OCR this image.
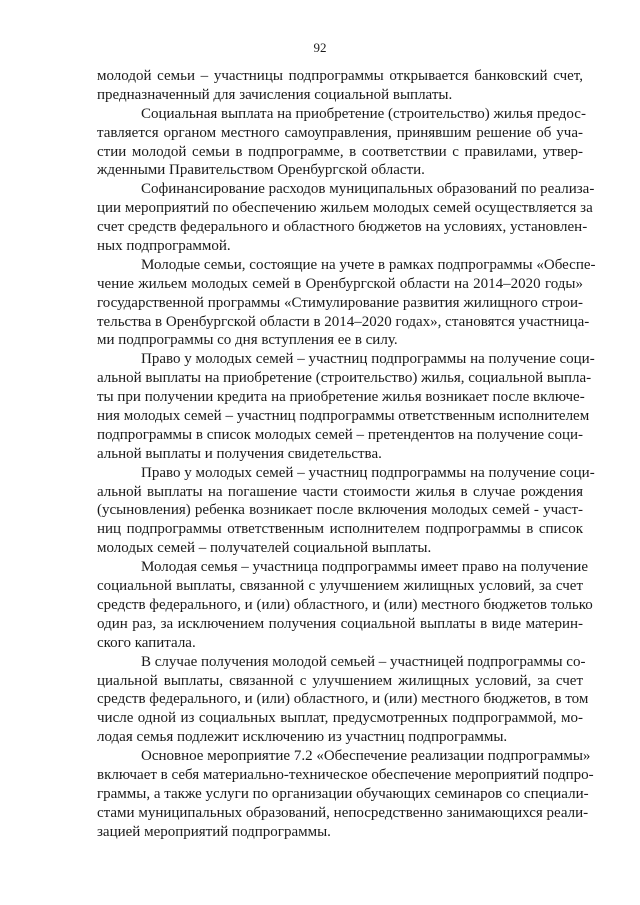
92
молодой семьи – участницы подпрограммы открывается банковский счет,
предназначенный для зачисления социальной выплаты.
Социальная выплата на приобретение (строительство) жилья предос-
тавляется органом местного самоуправления, принявшим решение об уча-
стии молодой семьи в подпрограмме, в соответствии с правилами, утвер-
жденными Правительством Оренбургской области.
Софинансирование расходов муниципальных образований по реализа-
ции мероприятий по обеспечению жильем молодых семей осуществляется за
счет средств федерального и областного бюджетов на условиях, установлен-
ных подпрограммой.
Молодые семьи, состоящие на учете в рамках подпрограммы «Обеспе-
чение жильем молодых семей в Оренбургской области на 2014–2020 годы»
государственной программы «Стимулирование развития жилищного строи-
тельства в Оренбургской области в 2014–2020 годах», становятся участница-
ми подпрограммы со дня вступления ее в силу.
Право у молодых семей – участниц подпрограммы на получение соци-
альной выплаты на приобретение (строительство) жилья, социальной выпла-
ты при получении кредита на приобретение жилья возникает после включе-
ния молодых семей – участниц подпрограммы ответственным исполнителем
подпрограммы в список молодых семей – претендентов на получение соци-
альной выплаты и получения свидетельства.
Право у молодых семей – участниц подпрограммы на получение соци-
альной выплаты на погашение части стоимости жилья в случае рождения
(усыновления) ребенка возникает после включения молодых семей - участ-
ниц подпрограммы ответственным исполнителем подпрограммы в список
молодых семей – получателей социальной выплаты.
Молодая семья – участница подпрограммы имеет право на получение
социальной выплаты, связанной с улучшением жилищных условий, за счет
средств федерального, и (или) областного, и (или) местного бюджетов только
один раз, за исключением получения социальной выплаты в виде материн-
ского капитала.
В случае получения молодой семьей – участницей подпрограммы со-
циальной выплаты, связанной с улучшением жилищных условий, за счет
средств федерального, и (или) областного, и (или) местного бюджетов, в том
числе одной из социальных выплат, предусмотренных подпрограммой, мо-
лодая семья подлежит исключению из участниц подпрограммы.
Основное мероприятие 7.2 «Обеспечение реализации подпрограммы»
включает в себя материально-техническое обеспечение мероприятий подпро-
граммы, а также услуги по организации обучающих семинаров со специали-
стами муниципальных образований, непосредственно занимающихся реали-
зацией мероприятий подпрограммы.
